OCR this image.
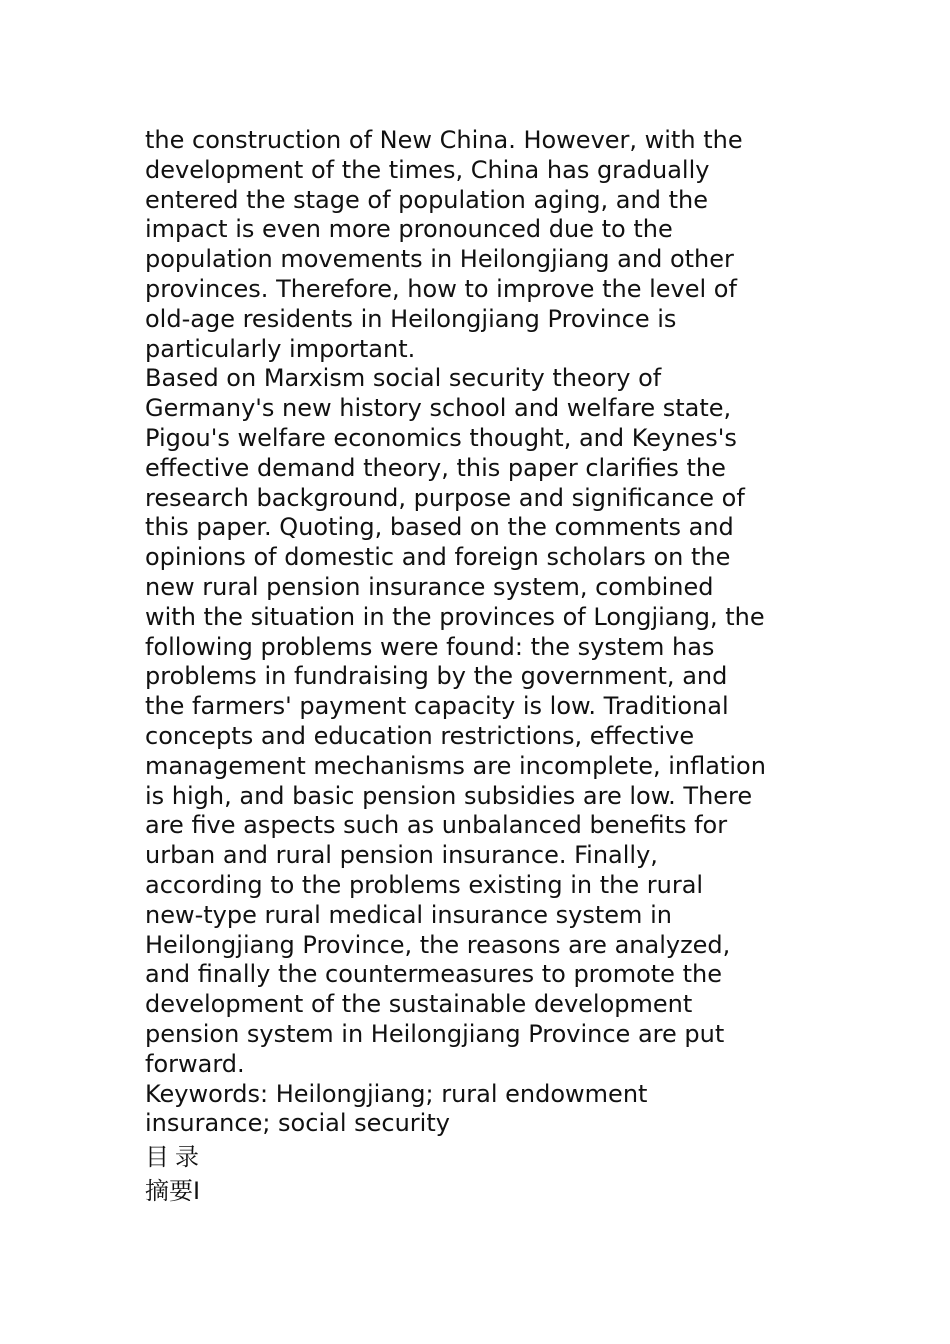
the construction of New China. However, with the
development of the times, China has gradually
entered the stage of population aging, and the
impact is even more pronounced due to the
population movements in Heilongjiang and other
provinces. Therefore, how to improve the level of
old-age residents in Heilongjiang Province is
particularly important.

Based on Marxism social security theory of
Germany's new history school and welfare state,
Pigou's welfare economics thought, and Keynes's
effective demand theory, this paper clarifies the
research background, purpose and significance of
this paper. Quoting, based on the comments and
opinions of domestic and foreign scholars on the
new rural pension insurance system, combined
with the situation in the provinces of Longjiang, the
following problems were found: the system has
problems in fundraising by the government, and
the farmers' payment capacity is low. Traditional
concepts and education restrictions, effective
management mechanisms are incomplete, inflation
is high, and basic pension subsidies are low. There
are five aspects such as unbalanced benefits for
urban and rural pension insurance. Finally,
according to the problems existing in the rural
new-type rural medical insurance system in
Heilongjiang Province, the reasons are analyzed,
and finally the countermeasures to promote the
development of the sustainable development
pension system in Heilongjiang Province are put
forward.

Keywords: Heilongjiang; rural endowment
insurance; social security

目录

摘要I
